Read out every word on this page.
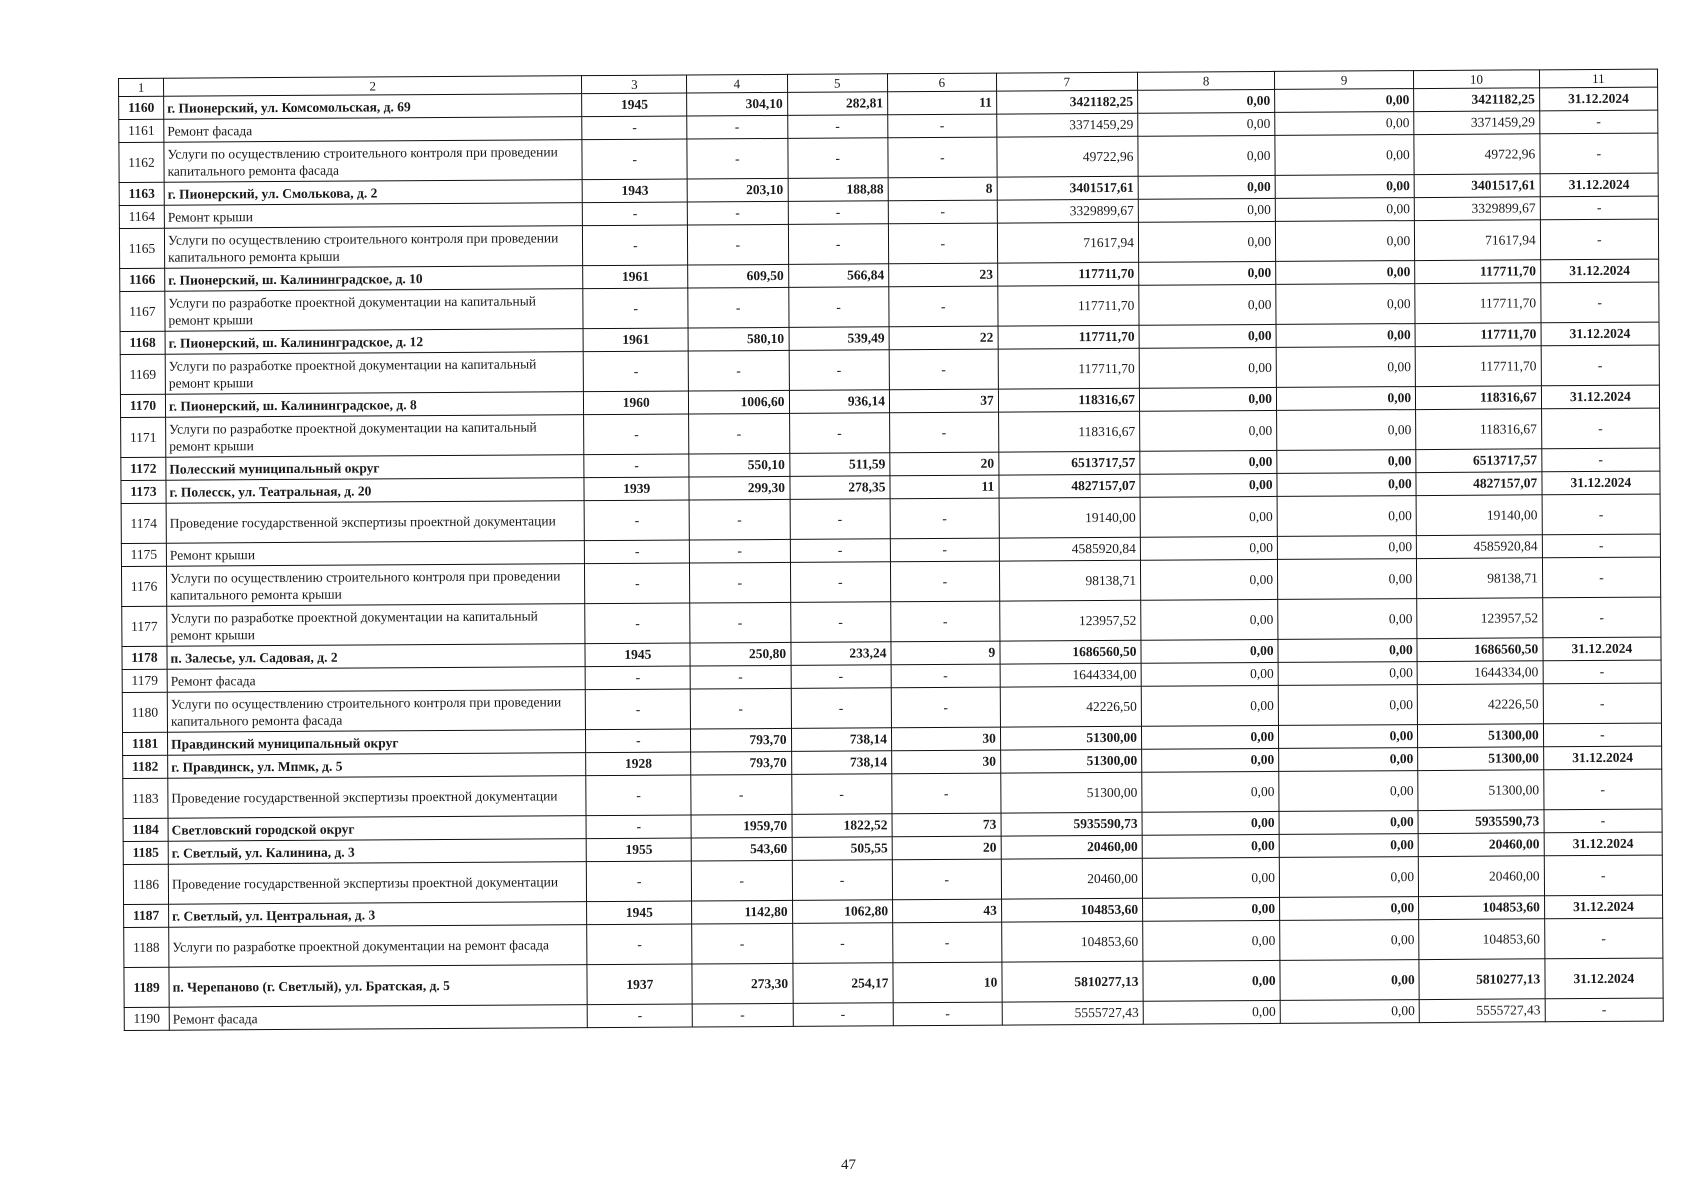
1	2	3	4	5	6	7	8	9	10	11
1160	г. Пионерский, ул. Комсомольская, д. 69	1945	304,10	282,81	11	3421182,25	0,00	0,00	3421182,25	31.12.2024
1161	Ремонт фасада	-	-	-	-	3371459,29	0,00	0,00	3371459,29	-
1162	Услуги по осуществлению строительного контроля при проведении капитального ремонта фасада	-	-	-	-	49722,96	0,00	0,00	49722,96	-
1163	г. Пионерский, ул. Смолькова, д. 2	1943	203,10	188,88	8	3401517,61	0,00	0,00	3401517,61	31.12.2024
1164	Ремонт крыши	-	-	-	-	3329899,67	0,00	0,00	3329899,67	-
1165	Услуги по осуществлению строительного контроля при проведении капитального ремонта крыши	-	-	-	-	71617,94	0,00	0,00	71617,94	-
1166	г. Пионерский, ш. Калининградское, д. 10	1961	609,50	566,84	23	117711,70	0,00	0,00	117711,70	31.12.2024
1167	Услуги по разработке проектной документации на капитальный ремонт крыши	-	-	-	-	117711,70	0,00	0,00	117711,70	-
1168	г. Пионерский, ш. Калининградское, д. 12	1961	580,10	539,49	22	117711,70	0,00	0,00	117711,70	31.12.2024
1169	Услуги по разработке проектной документации на капитальный ремонт крыши	-	-	-	-	117711,70	0,00	0,00	117711,70	-
1170	г. Пионерский, ш. Калининградское, д. 8	1960	1006,60	936,14	37	118316,67	0,00	0,00	118316,67	31.12.2024
1171	Услуги по разработке проектной документации на капитальный ремонт крыши	-	-	-	-	118316,67	0,00	0,00	118316,67	-
1172	Полесский муниципальный округ	-	550,10	511,59	20	6513717,57	0,00	0,00	6513717,57	-
1173	г. Полесск, ул. Театральная, д. 20	1939	299,30	278,35	11	4827157,07	0,00	0,00	4827157,07	31.12.2024
1174	Проведение государственной экспертизы проектной документации	-	-	-	-	19140,00	0,00	0,00	19140,00	-
1175	Ремонт крыши	-	-	-	-	4585920,84	0,00	0,00	4585920,84	-
1176	Услуги по осуществлению строительного контроля при проведении капитального ремонта крыши	-	-	-	-	98138,71	0,00	0,00	98138,71	-
1177	Услуги по разработке проектной документации на капитальный ремонт крыши	-	-	-	-	123957,52	0,00	0,00	123957,52	-
1178	п. Залесье, ул. Садовая, д. 2	1945	250,80	233,24	9	1686560,50	0,00	0,00	1686560,50	31.12.2024
1179	Ремонт фасада	-	-	-	-	1644334,00	0,00	0,00	1644334,00	-
1180	Услуги по осуществлению строительного контроля при проведении капитального ремонта фасада	-	-	-	-	42226,50	0,00	0,00	42226,50	-
1181	Правдинский муниципальный округ	-	793,70	738,14	30	51300,00	0,00	0,00	51300,00	-
1182	г. Правдинск, ул. Мпмк, д. 5	1928	793,70	738,14	30	51300,00	0,00	0,00	51300,00	31.12.2024
1183	Проведение государственной экспертизы проектной документации	-	-	-	-	51300,00	0,00	0,00	51300,00	-
1184	Светловский городской округ	-	1959,70	1822,52	73	5935590,73	0,00	0,00	5935590,73	-
1185	г. Светлый, ул. Калинина, д. 3	1955	543,60	505,55	20	20460,00	0,00	0,00	20460,00	31.12.2024
1186	Проведение государственной экспертизы проектной документации	-	-	-	-	20460,00	0,00	0,00	20460,00	-
1187	г. Светлый, ул. Центральная, д. 3	1945	1142,80	1062,80	43	104853,60	0,00	0,00	104853,60	31.12.2024
1188	Услуги по разработке проектной документации на ремонт фасада	-	-	-	-	104853,60	0,00	0,00	104853,60	-
1189	п. Черепаново (г. Светлый), ул. Братская, д. 5	1937	273,30	254,17	10	5810277,13	0,00	0,00	5810277,13	31.12.2024
1190	Ремонт фасада	-	-	-	-	5555727,43	0,00	0,00	5555727,43	-
47
